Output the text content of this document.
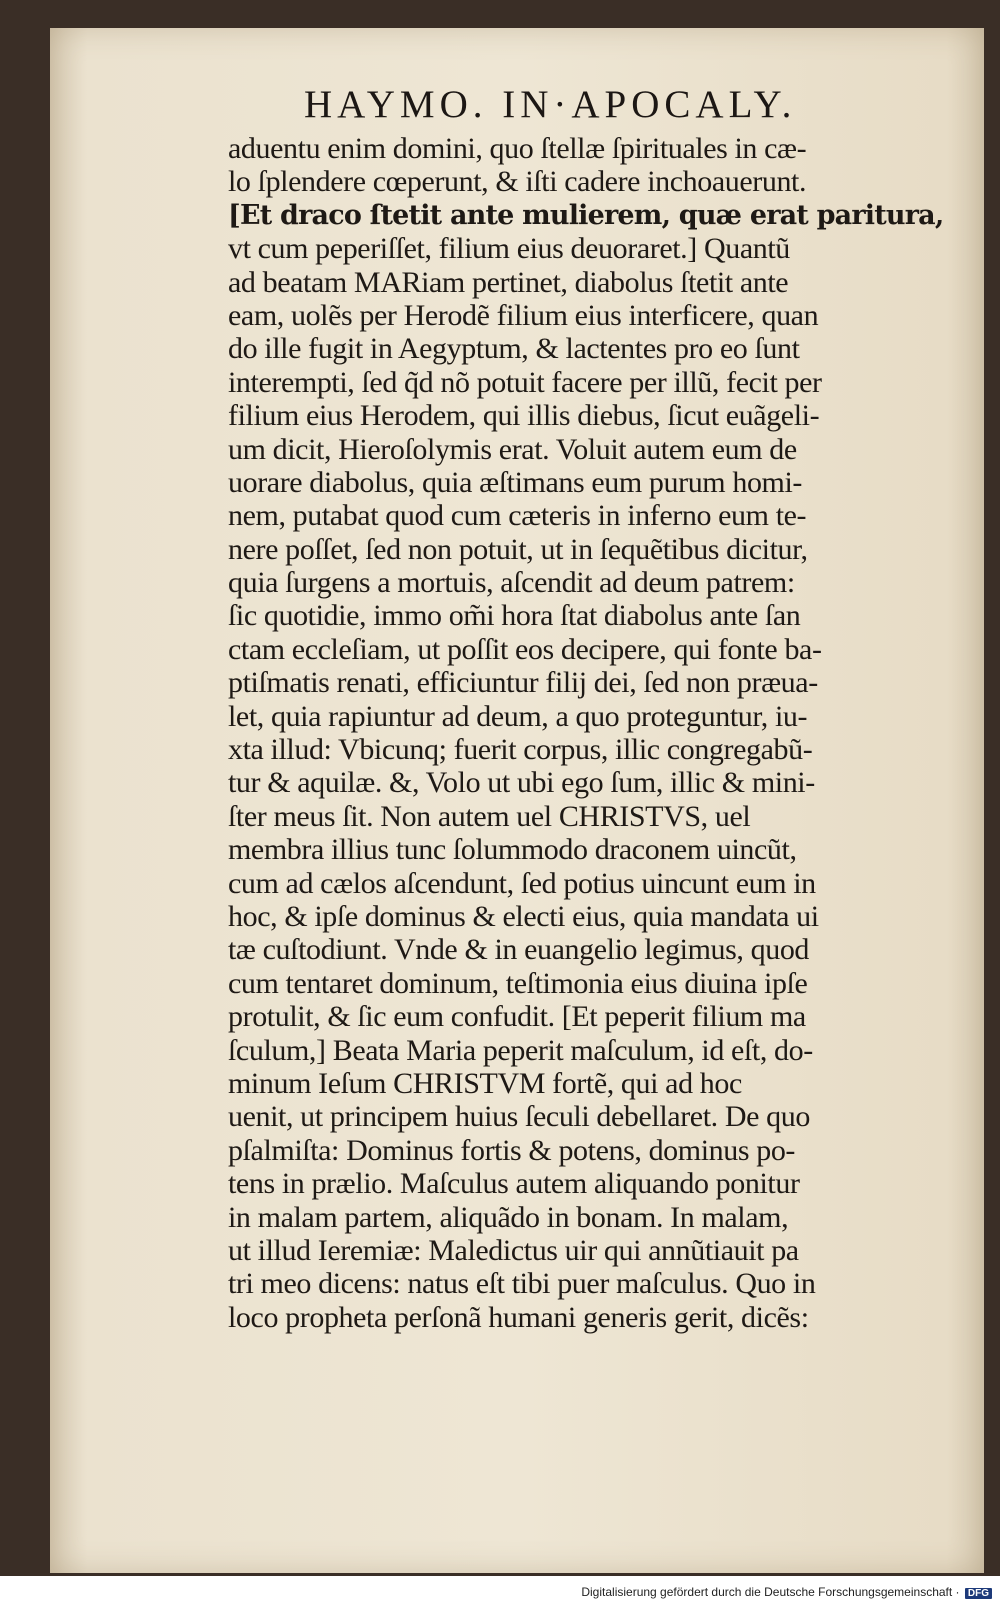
HAYMO. IN·APOCALY.
aduentu enim domini, quo ſtellæ ſpirituales in cæ-
lo ſplendere cœperunt, & iſti cadere inchoauerunt.
[Et draco ſtetit ante mulierem, quæ erat paritura,
vt cum peperiſſet, filium eius deuoraret.] Quantũ
ad beatam MARiam pertinet, diabolus ſtetit ante
eam, uolẽs per Herodẽ filium eius interficere, quan
do ille fugit in Aegyptum, & lactentes pro eo ſunt
interempti, ſed q̃d nõ potuit facere per illũ, fecit per
filium eius Herodem, qui illis diebus, ſicut euãgeli-
um dicit, Hieroſolymis erat. Voluit autem eum de
uorare diabolus, quia æſtimans eum purum homi-
nem, putabat quod cum cæteris in inferno eum te-
nere poſſet, ſed non potuit, ut in ſequẽtibus dicitur,
quia ſurgens a mortuis, aſcendit ad deum patrem:
ſic quotidie, immo om̃i hora ſtat diabolus ante ſan
ctam eccleſiam, ut poſſit eos decipere, qui fonte ba-
ptiſmatis renati, efficiuntur filij dei, ſed non præua-
let, quia rapiuntur ad deum, a quo proteguntur, iu-
xta illud: Vbicunq; fuerit corpus, illic congregabũ-
tur & aquilæ. &, Volo ut ubi ego ſum, illic & mini-
ſter meus ſit. Non autem uel CHRISTVS, uel
membra illius tunc ſolummodo draconem uincũt,
cum ad cælos aſcendunt, ſed potius uincunt eum in
hoc, & ipſe dominus & electi eius, quia mandata ui
tæ cuſtodiunt. Vnde & in euangelio legimus, quod
cum tentaret dominum, teſtimonia eius diuina ipſe
protulit, & ſic eum confudit. [Et peperit filium ma
ſculum,] Beata Maria peperit maſculum, id eſt, do-
minum Ieſum CHRISTVM fortẽ, qui ad hoc
uenit, ut principem huius ſeculi debellaret. De quo
pſalmiſta: Dominus fortis & potens, dominus po-
tens in prælio. Maſculus autem aliquando ponitur
in malam partem, aliquãdo in bonam. In malam,
ut illud Ieremiæ: Maledictus uir qui annũtiauit pa
tri meo dicens: natus eſt tibi puer maſculus. Quo in
loco propheta perſonã humani generis gerit, dicẽs:
Digitalisierung gefördert durch die Deutsche Forschungsgemeinschaft · DFG
